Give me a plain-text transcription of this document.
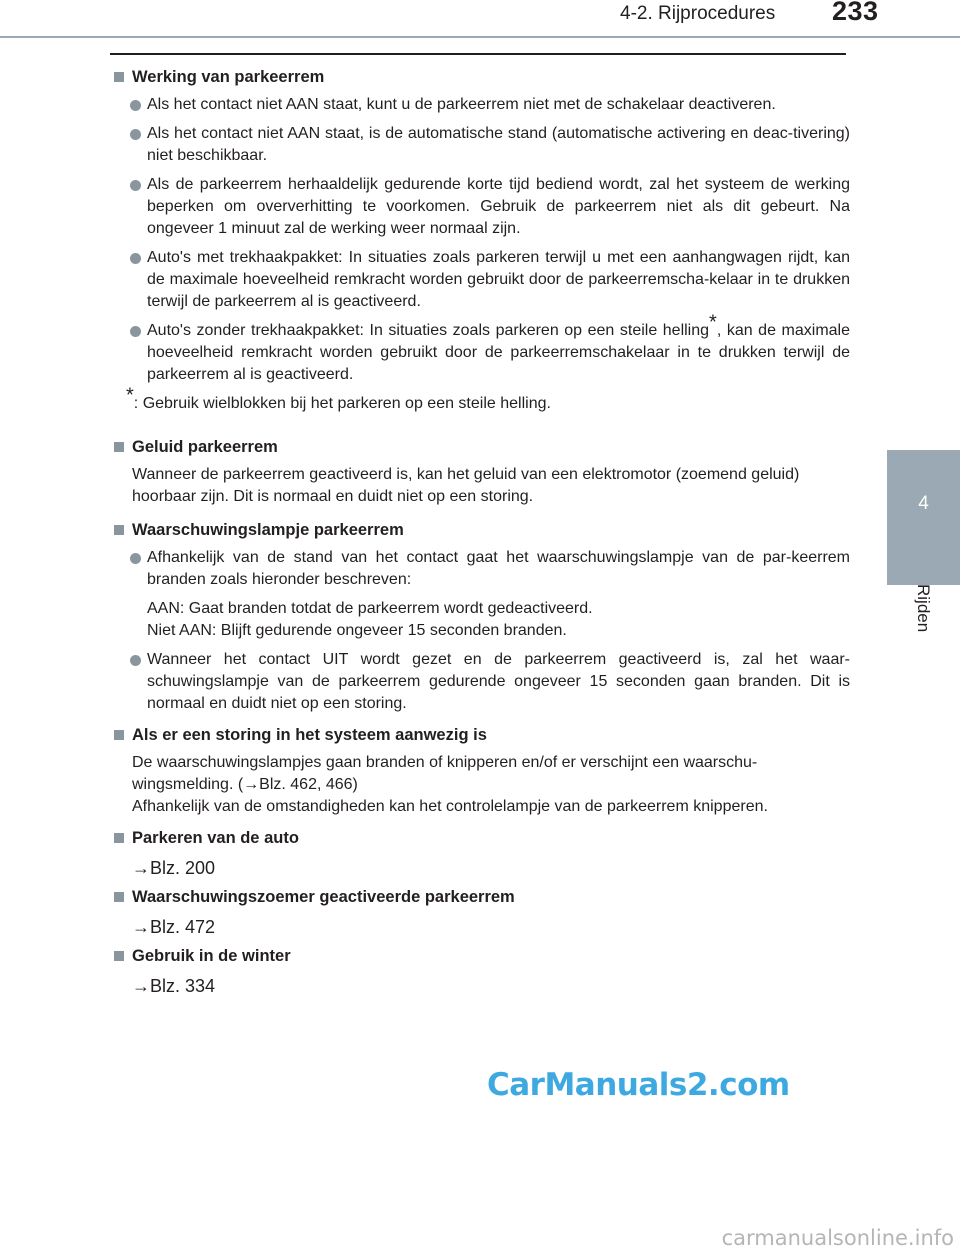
4-2. Rijprocedures 233
4
Rijden
Werking van parkeerrem
Als het contact niet AAN staat, kunt u de parkeerrem niet met de schakelaar deactiveren.
Als het contact niet AAN staat, is de automatische stand (automatische activering en deac-tivering) niet beschikbaar.
Als de parkeerrem herhaaldelijk gedurende korte tijd bediend wordt, zal het systeem de werking beperken om oververhitting te voorkomen. Gebruik de parkeerrem niet als dit gebeurt. Na ongeveer 1 minuut zal de werking weer normaal zijn.
Auto's met trekhaakpakket: In situaties zoals parkeren terwijl u met een aanhangwagen rijdt, kan de maximale hoeveelheid remkracht worden gebruikt door de parkeerremscha-kelaar in te drukken terwijl de parkeerrem al is geactiveerd.
Auto's zonder trekhaakpakket: In situaties zoals parkeren op een steile helling*, kan de maximale hoeveelheid remkracht worden gebruikt door de parkeerremschakelaar in te drukken terwijl de parkeerrem al is geactiveerd.
*: Gebruik wielblokken bij het parkeren op een steile helling.
Geluid parkeerrem
Wanneer de parkeerrem geactiveerd is, kan het geluid van een elektromotor (zoemend geluid) hoorbaar zijn. Dit is normaal en duidt niet op een storing.
Waarschuwingslampje parkeerrem
Afhankelijk van de stand van het contact gaat het waarschuwingslampje van de par-keerrem branden zoals hieronder beschreven:
AAN: Gaat branden totdat de parkeerrem wordt gedeactiveerd.
Niet AAN: Blijft gedurende ongeveer 15 seconden branden.
Wanneer het contact UIT wordt gezet en de parkeerrem geactiveerd is, zal het waar-schuwingslampje van de parkeerrem gedurende ongeveer 15 seconden gaan branden. Dit is normaal en duidt niet op een storing.
Als er een storing in het systeem aanwezig is
De waarschuwingslampjes gaan branden of knipperen en/of er verschijnt een waarschu-
wingsmelding. (→Blz. 462, 466)
Afhankelijk van de omstandigheden kan het controlelampje van de parkeerrem knipperen.
Parkeren van de auto
→Blz. 200
Waarschuwingszoemer geactiveerde parkeerrem
→Blz. 472
Gebruik in de winter
→Blz. 334
CarManuals2.com
carmanualsonline.info
